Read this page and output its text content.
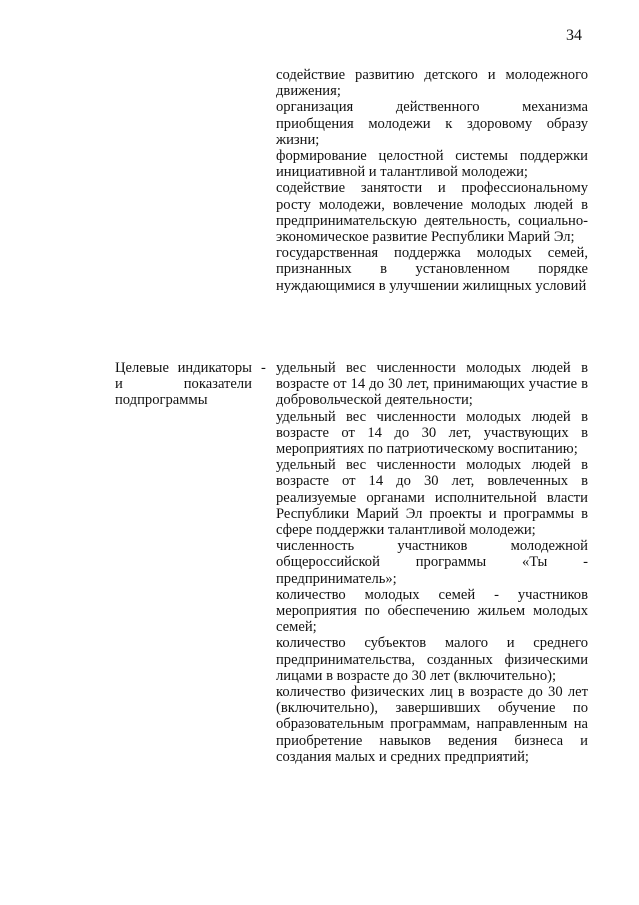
34

содействие развитию детского и молодежного движения;

организация действенного механизма приобщения молодежи к здоровому образу жизни;

формирование целостной системы поддержки инициативной и талантливой молодежи;

содействие занятости и профессиональному росту молодежи, вовлечение молодых людей в предпринимательскую деятельность, социально-экономическое развитие Республики Марий Эл;

государственная поддержка молодых семей, признанных в установленном порядке нуждающимися в улучшении жилищных условий

Целевые индикаторы и показатели подпрограммы

- удельный вес численности молодых людей в возрасте от 14 до 30 лет, принимающих участие в добровольческой деятельности;

удельный вес численности молодых людей в возрасте от 14 до 30 лет, участвующих в мероприятиях по патриотическому воспитанию;

удельный вес численности молодых людей в возрасте от 14 до 30 лет, вовлеченных в реализуемые органами исполнительной власти Республики Марий Эл проекты и программы в сфере поддержки талантливой молодежи;

численность участников молодежной общероссийской программы «Ты - предприниматель»;

количество молодых семей - участников мероприятия по обеспечению жильем молодых семей;

количество субъектов малого и среднего предпринимательства, созданных физическими лицами в возрасте до 30 лет (включительно);

количество физических лиц в возрасте до 30 лет (включительно), завершивших обучение по образовательным программам, направленным на приобретение навыков ведения бизнеса и создания малых и средних предприятий;
